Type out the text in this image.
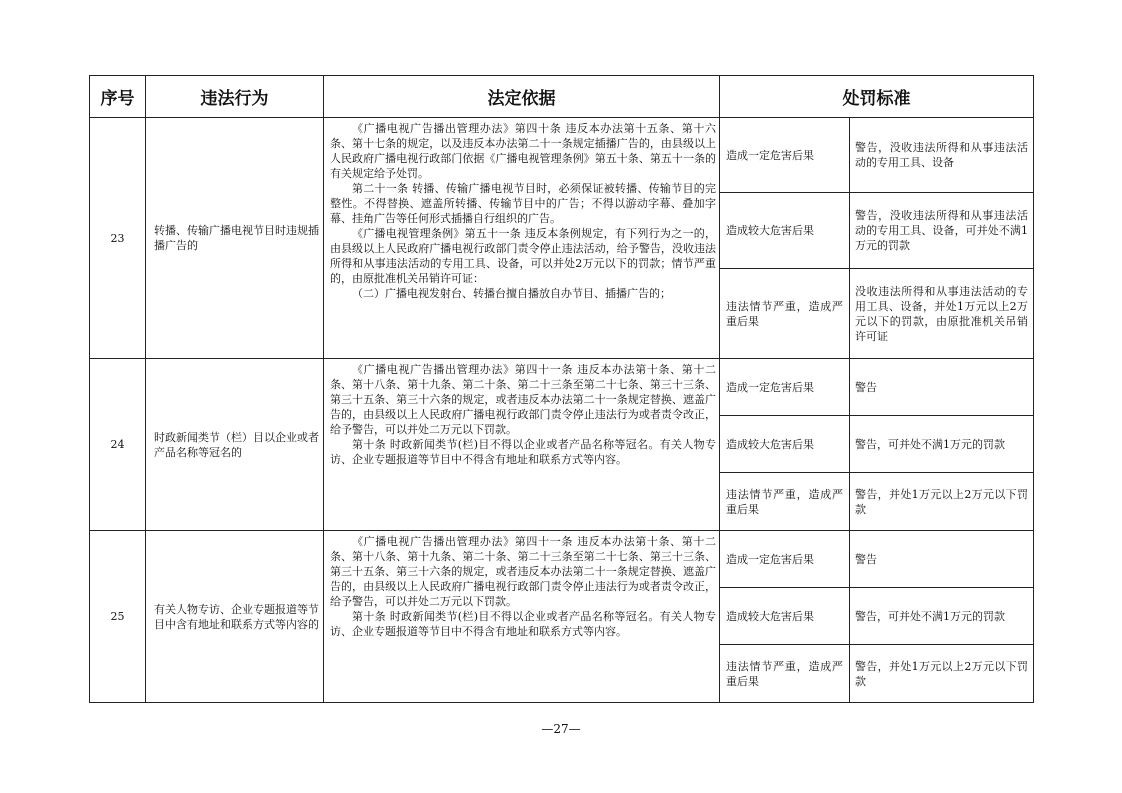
序号	违法行为	法定依据	处罚标准	
23	转播、传输广播电视节目时违规插播广告的	《广播电视广告播出管理办法》第四十条 违反本办法第十五条、第十六条、第十七条的规定，以及违反本办法第二十一条规定插播广告的，由县级以上人民政府广播电视行政部门依据《广播电视管理条例》第五十条、第五十一条的有关规定给予处罚。

第二十一条 转播、传输广播电视节目时，必须保证被转播、传输节目的完整性。不得替换、遮盖所转播、传输节目中的广告；不得以游动字幕、叠加字幕、挂角广告等任何形式插播自行组织的广告。

《广播电视管理条例》第五十一条 违反本条例规定，有下列行为之一的，由县级以上人民政府广播电视行政部门责令停止违法活动，给予警告，没收违法所得和从事违法活动的专用工具、设备，可以并处2万元以下的罚款；情节严重的，由原批准机关吊销许可证：

（二）广播电视发射台、转播台擅自播放自办节目、插播广告的；	造成一定危害后果	警告，没收违法所得和从事违法活动的专用工具、设备
			造成较大危害后果	警告，没收违法所得和从事违法活动的专用工具、设备，可并处不满1万元的罚款
			违法情节严重，造成严重后果	没收违法所得和从事违法活动的专用工具、设备，并处1万元以上2万元以下的罚款，由原批准机关吊销许可证
24	时政新闻类节（栏）目以企业或者产品名称等冠名的	《广播电视广告播出管理办法》第四十一条 违反本办法第十条、第十二条、第十八条、第十九条、第二十条、第二十三条至第二十七条、第三十三条、第三十五条、第三十六条的规定，或者违反本办法第二十一条规定替换、遮盖广告的，由县级以上人民政府广播电视行政部门责令停止违法行为或者责令改正，给予警告，可以并处二万元以下罚款。

第十条 时政新闻类节(栏)目不得以企业或者产品名称等冠名。有关人物专访、企业专题报道等节目中不得含有地址和联系方式等内容。	造成一定危害后果	警告
			造成较大危害后果	警告，可并处不满1万元的罚款
			违法情节严重，造成严重后果	警告，并处1万元以上2万元以下罚款
25	有关人物专访、企业专题报道等节目中含有地址和联系方式等内容的	《广播电视广告播出管理办法》第四十一条 违反本办法第十条、第十二条、第十八条、第十九条、第二十条、第二十三条至第二十七条、第三十三条、第三十五条、第三十六条的规定，或者违反本办法第二十一条规定替换、遮盖广告的，由县级以上人民政府广播电视行政部门责令停止违法行为或者责令改正，给予警告，可以并处二万元以下罚款。

第十条 时政新闻类节(栏)目不得以企业或者产品名称等冠名。有关人物专访、企业专题报道等节目中不得含有地址和联系方式等内容。	造成一定危害后果	警告
			造成较大危害后果	警告，可并处不满1万元的罚款
			违法情节严重，造成严重后果	警告，并处1万元以上2万元以下罚款
—27—
